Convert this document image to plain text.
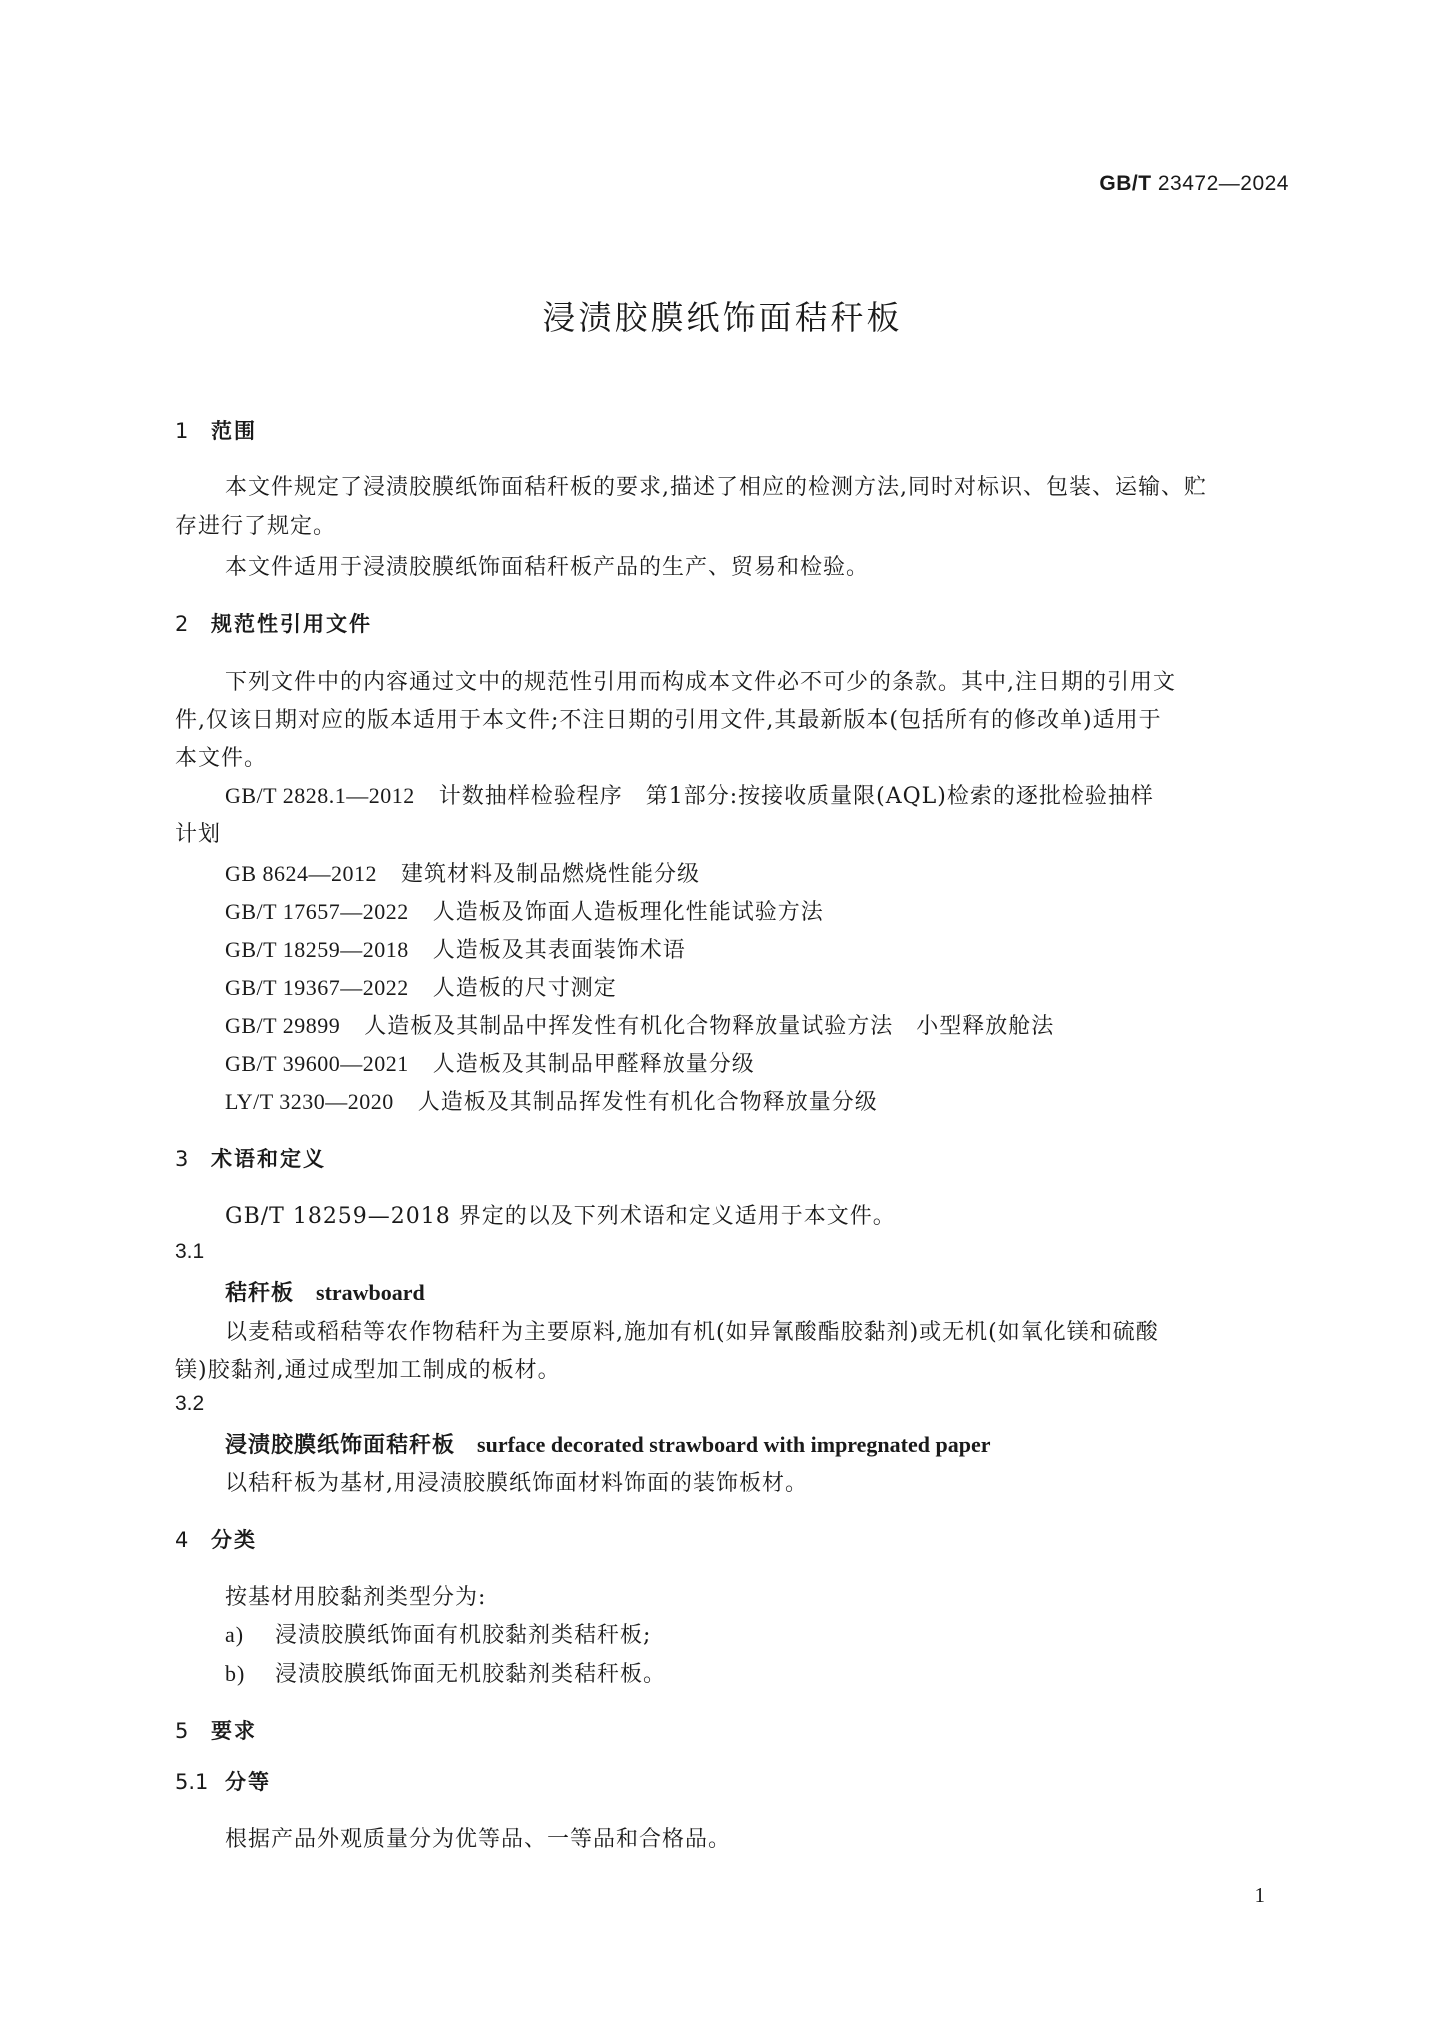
GB/T 23472—2024
浸渍胶膜纸饰面秸秆板
1 范围
本文件规定了浸渍胶膜纸饰面秸秆板的要求,描述了相应的检测方法,同时对标识、包装、运输、贮
存进行了规定。
本文件适用于浸渍胶膜纸饰面秸秆板产品的生产、贸易和检验。
2 规范性引用文件
下列文件中的内容通过文中的规范性引用而构成本文件必不可少的条款。其中,注日期的引用文
件,仅该日期对应的版本适用于本文件;不注日期的引用文件,其最新版本(包括所有的修改单)适用于
本文件。
GB/T 2828.1—2012 计数抽样检验程序　第1部分:按接收质量限(AQL)检索的逐批检验抽样
计划
GB 8624—2012 建筑材料及制品燃烧性能分级
GB/T 17657—2022 人造板及饰面人造板理化性能试验方法
GB/T 18259—2018 人造板及其表面装饰术语
GB/T 19367—2022 人造板的尺寸测定
GB/T 29899 人造板及其制品中挥发性有机化合物释放量试验方法　小型释放舱法
GB/T 39600—2021 人造板及其制品甲醛释放量分级
LY/T 3230—2020 人造板及其制品挥发性有机化合物释放量分级
3 术语和定义
GB/T 18259—2018 界定的以及下列术语和定义适用于本文件。
3.1
秸秆板 strawboard
以麦秸或稻秸等农作物秸秆为主要原料,施加有机(如异氰酸酯胶黏剂)或无机(如氧化镁和硫酸
镁)胶黏剂,通过成型加工制成的板材。
3.2
浸渍胶膜纸饰面秸秆板 surface decorated strawboard with impregnated paper
以秸秆板为基材,用浸渍胶膜纸饰面材料饰面的装饰板材。
4 分类
按基材用胶黏剂类型分为:
a) 浸渍胶膜纸饰面有机胶黏剂类秸秆板;
b) 浸渍胶膜纸饰面无机胶黏剂类秸秆板。
5 要求
5.1 分等
根据产品外观质量分为优等品、一等品和合格品。
1
